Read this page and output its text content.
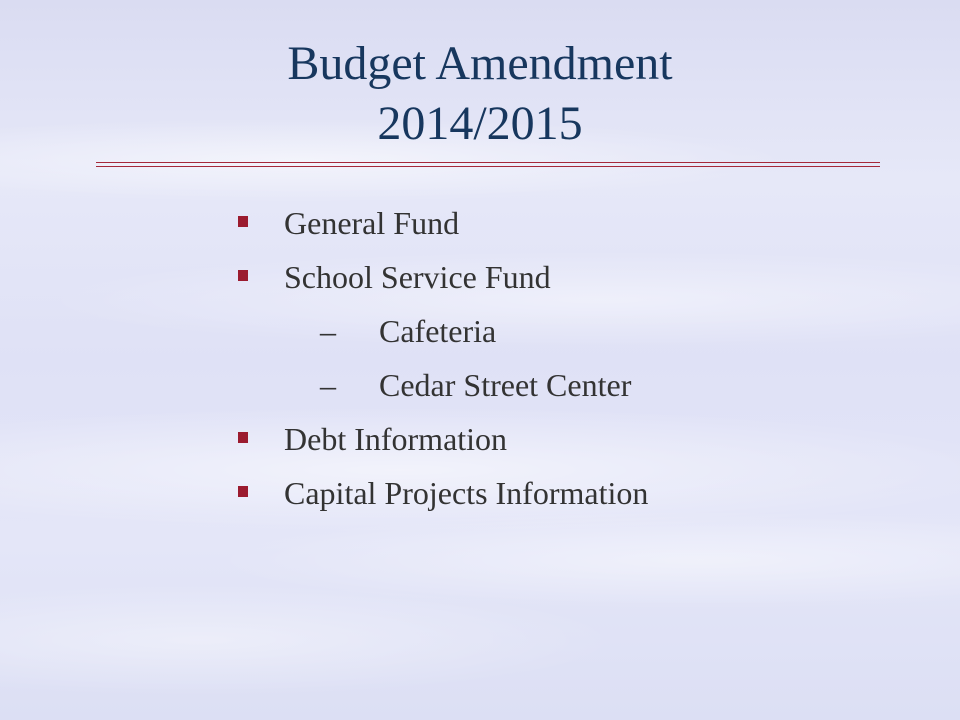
Budget Amendment
2014/2015
General Fund
School Service Fund
– Cafeteria
– Cedar Street Center
Debt Information
Capital Projects Information
